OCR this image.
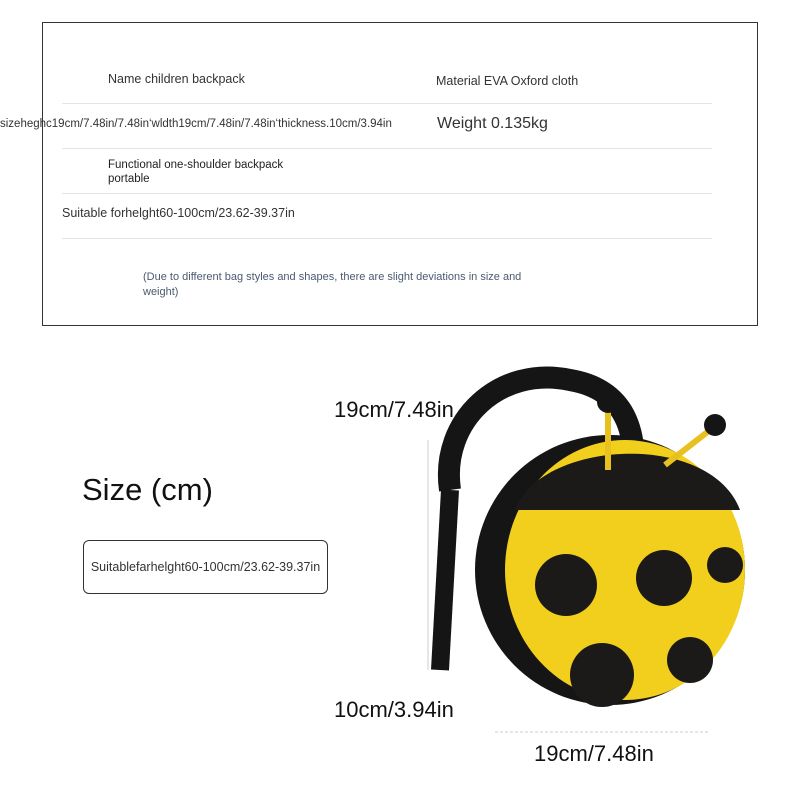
Name children backpack	Material EVA Oxford cloth
sizeheghc19cm/7.48in/7.48in‘wldth19cm/7.48in/7.48in‘thickness.10cm/3.94in	Weight 0.135kg
Functional one-shoulder backpack
portable
Suitable forhelght60-100cm/23.62-39.37in
(Due to different bag styles and shapes, there are slight deviations in size and
weight)
Size (cm)
Suitablefarhelght60-100cm/23.62-39.37in
19cm/7.48in
10cm/3.94in
19cm/7.48in
